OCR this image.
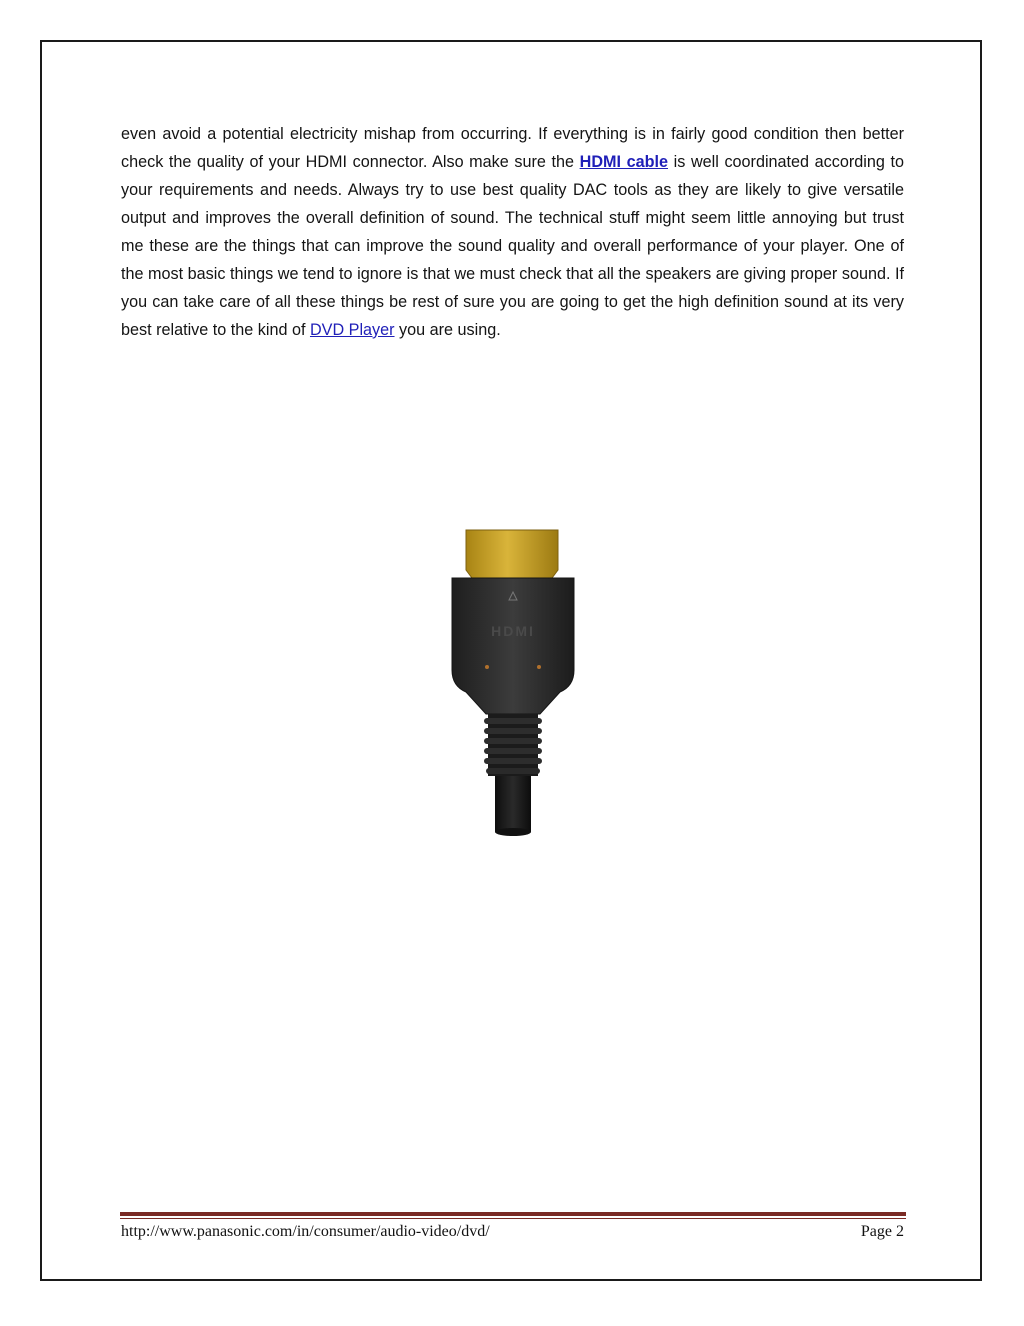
even avoid a potential electricity mishap from occurring. If everything is in fairly good condition then better check the quality of your HDMI connector. Also make sure the HDMI cable is well coordinated according to your requirements and needs. Always try to use best quality DAC tools as they are likely to give versatile output and improves the overall definition of sound. The technical stuff might seem little annoying but trust me these are the things that can improve the sound quality and overall performance of your player. One of the most basic things we tend to ignore is that we must check that all the speakers are giving proper sound. If you can take care of all these things be rest of sure you are going to get the high definition sound at its very best relative to the kind of DVD Player you are using.

HDMI
http://www.panasonic.com/in/consumer/audio-video/dvd/	Page 2
